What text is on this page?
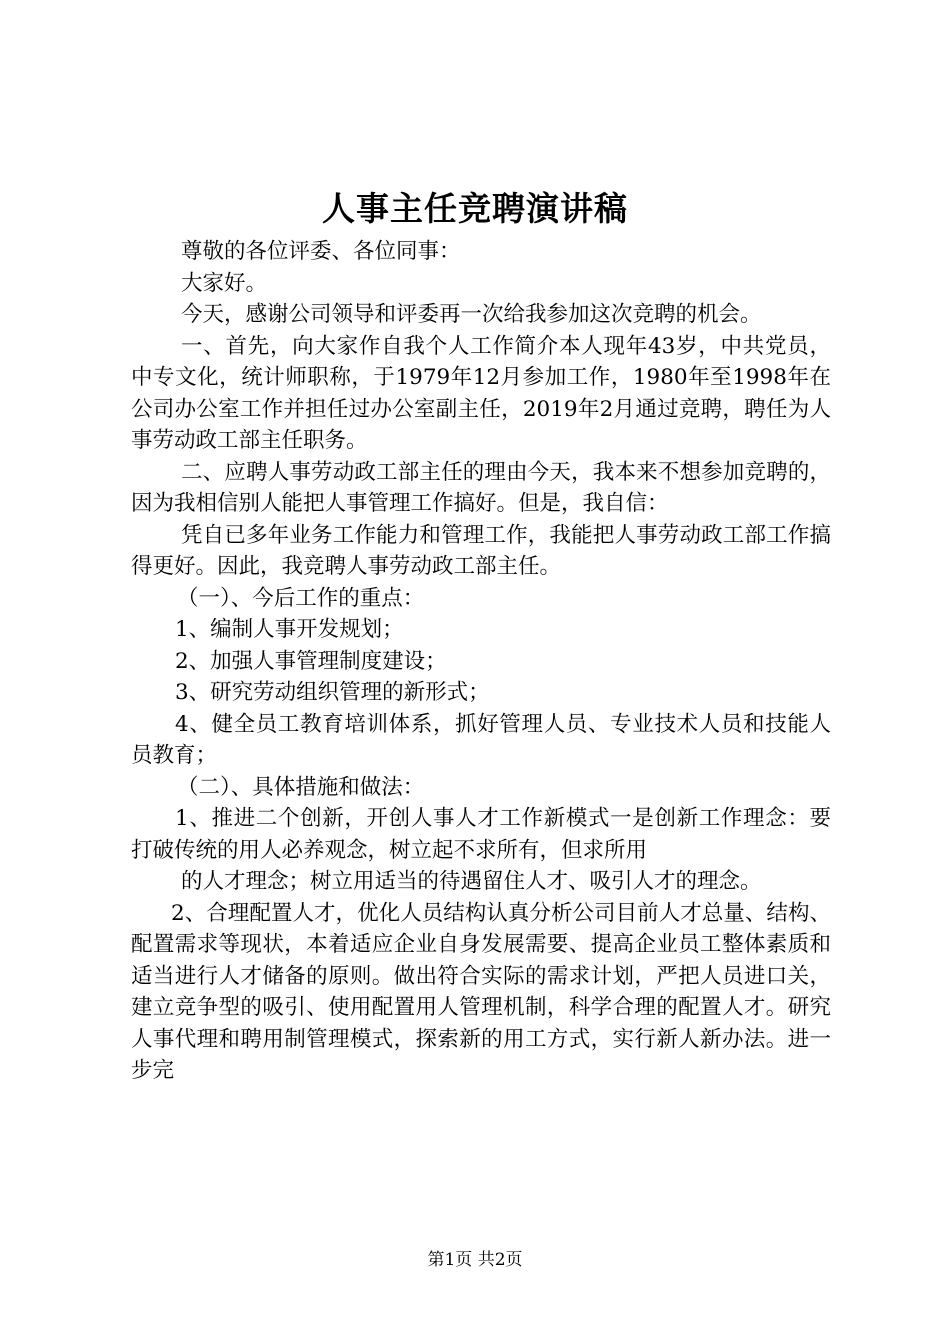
人事主任竞聘演讲稿

尊敬的各位评委、各位同事：

大家好。

今天，感谢公司领导和评委再一次给我参加这次竞聘的机会。

一、首先，向大家作自我个人工作简介本人现年43岁，中共党员，中专文化，统计师职称，于1979年12月参加工作，1980年至1998年在公司办公室工作并担任过办公室副主任，2019年2月通过竞聘，聘任为人事劳动政工部主任职务。

二、应聘人事劳动政工部主任的理由今天，我本来不想参加竞聘的，因为我相信别人能把人事管理工作搞好。但是，我自信：

凭自已多年业务工作能力和管理工作，我能把人事劳动政工部工作搞得更好。因此，我竞聘人事劳动政工部主任。

（一）、今后工作的重点：

1、编制人事开发规划；

2、加强人事管理制度建设；

3、研究劳动组织管理的新形式；

4、健全员工教育培训体系，抓好管理人员、专业技术人员和技能人员教育；

（二）、具体措施和做法：

1、推进二个创新，开创人事人才工作新模式一是创新工作理念：要打破传统的用人必养观念，树立起不求所有，但求所用

的人才理念；树立用适当的待遇留住人才、吸引人才的理念。

2、合理配置人才，优化人员结构认真分析公司目前人才总量、结构、配置需求等现状，本着适应企业自身发展需要、提高企业员工整体素质和适当进行人才储备的原则。做出符合实际的需求计划，严把人员进口关，建立竞争型的吸引、使用配置用人管理机制，科学合理的配置人才。研究人事代理和聘用制管理模式，探索新的用工方式，实行新人新办法。进一步完

第1页 共2页
